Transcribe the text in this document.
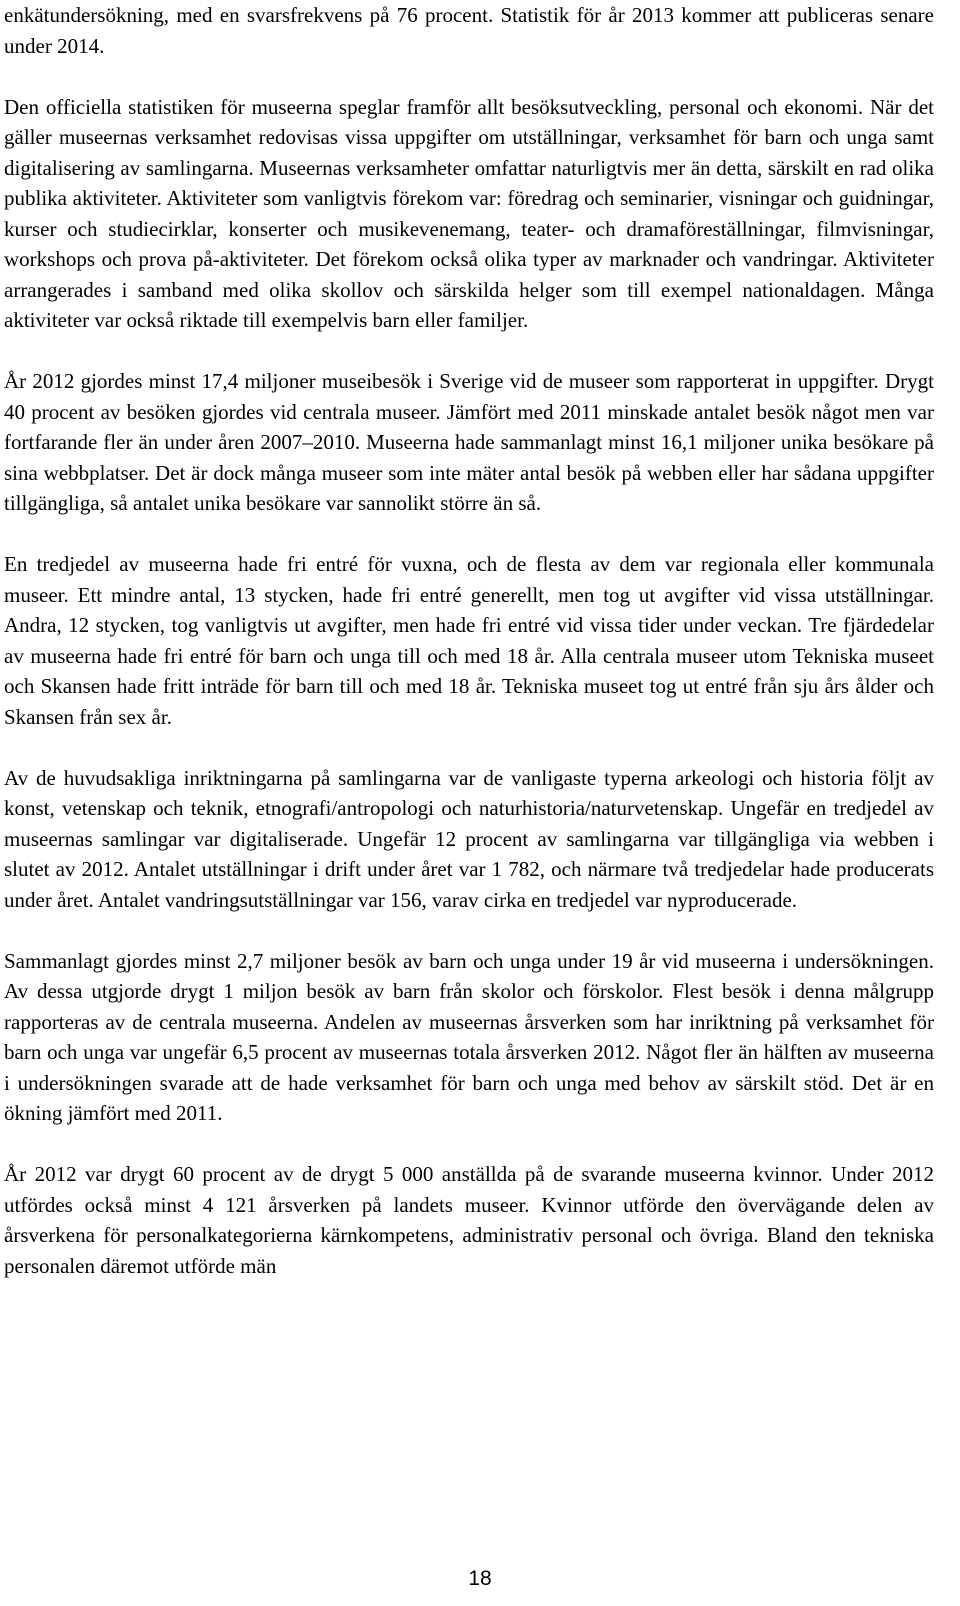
enkätundersökning, med en svarsfrekvens på 76 procent. Statistik för år 2013 kommer att publiceras senare under 2014.

Den officiella statistiken för museerna speglar framför allt besöksutveckling, personal och ekonomi. När det gäller museernas verksamhet redovisas vissa uppgifter om utställningar, verksamhet för barn och unga samt digitalisering av samlingarna. Museernas verksamheter omfattar naturligtvis mer än detta, särskilt en rad olika publika aktiviteter. Aktiviteter som vanligtvis förekom var: föredrag och seminarier, visningar och guidningar, kurser och studiecirklar, konserter och musikevenemang, teater- och dramaföreställningar, filmvisningar, workshops och prova på-aktiviteter. Det förekom också olika typer av marknader och vandringar. Aktiviteter arrangerades i samband med olika skollov och särskilda helger som till exempel nationaldagen. Många aktiviteter var också riktade till exempelvis barn eller familjer.

År 2012 gjordes minst 17,4 miljoner museibesök i Sverige vid de museer som rapporterat in uppgifter. Drygt 40 procent av besöken gjordes vid centrala museer. Jämfört med 2011 minskade antalet besök något men var fortfarande fler än under åren 2007–2010. Museerna hade sammanlagt minst 16,1 miljoner unika besökare på sina webbplatser. Det är dock många museer som inte mäter antal besök på webben eller har sådana uppgifter tillgängliga, så antalet unika besökare var sannolikt större än så.

En tredjedel av museerna hade fri entré för vuxna, och de flesta av dem var regionala eller kommunala museer. Ett mindre antal, 13 stycken, hade fri entré generellt, men tog ut avgifter vid vissa utställningar. Andra, 12 stycken, tog vanligtvis ut avgifter, men hade fri entré vid vissa tider under veckan. Tre fjärdedelar av museerna hade fri entré för barn och unga till och med 18 år. Alla centrala museer utom Tekniska museet och Skansen hade fritt inträde för barn till och med 18 år. Tekniska museet tog ut entré från sju års ålder och Skansen från sex år.

Av de huvudsakliga inriktningarna på samlingarna var de vanligaste typerna arkeologi och historia följt av konst, vetenskap och teknik, etnografi/antropologi och naturhistoria/naturvetenskap. Ungefär en tredjedel av museernas samlingar var digitaliserade. Ungefär 12 procent av samlingarna var tillgängliga via webben i slutet av 2012. Antalet utställningar i drift under året var 1 782, och närmare två tredjedelar hade producerats under året. Antalet vandringsutställningar var 156, varav cirka en tredjedel var nyproducerade.

Sammanlagt gjordes minst 2,7 miljoner besök av barn och unga under 19 år vid museerna i undersökningen. Av dessa utgjorde drygt 1 miljon besök av barn från skolor och förskolor. Flest besök i denna målgrupp rapporteras av de centrala museerna. Andelen av museernas årsverken som har inriktning på verksamhet för barn och unga var ungefär 6,5 procent av museernas totala årsverken 2012. Något fler än hälften av museerna i undersökningen svarade att de hade verksamhet för barn och unga med behov av särskilt stöd. Det är en ökning jämfört med 2011.

År 2012 var drygt 60 procent av de drygt 5 000 anställda på de svarande museerna kvinnor. Under 2012 utfördes också minst 4 121 årsverken på landets museer. Kvinnor utförde den övervägande delen av årsverkena för personalkategorierna kärnkompetens, administrativ personal och övriga. Bland den tekniska personalen däremot utförde män

18
